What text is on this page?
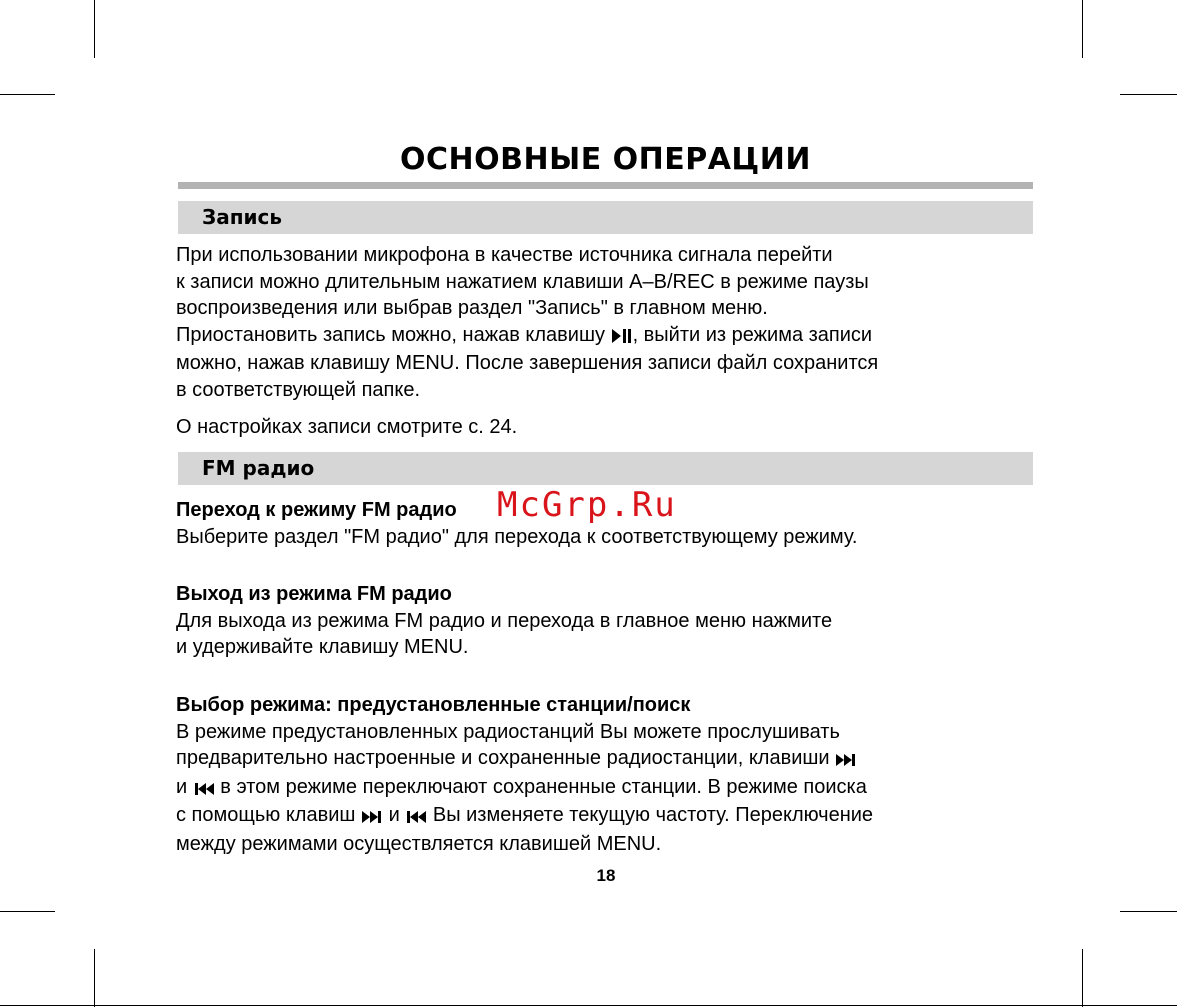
ОСНОВНЫЕ ОПЕРАЦИИ
Запись
При использовании микрофона в качестве источника сигнала перейти
к записи можно длительным нажатием клавиши A–B/REC в режиме паузы
воспроизведения или выбрав раздел "Запись" в главном меню.
Приостановить запись можно, нажав клавишу , выйти из режима записи
можно, нажав клавишу MENU. После завершения записи файл сохранится
в соответствующей папке.
О настройках записи смотрите с. 24.
FM радио
Переход к режиму FM радио
Выберите раздел "FM радио" для перехода к соответствующему режиму.
Выход из режима FM радио
Для выхода из режима FM радио и перехода в главное меню нажмите
и удерживайте клавишу MENU.
Выбор режима: предустановленные станции/поиск
В режиме предустановленных радиостанций Вы можете прослушивать
предварительно настроенные и сохраненные радиостанции, клавиши
и в этом режиме переключают сохраненные станции. В режиме поиска
с помощью клавиш и Вы изменяете текущую частоту. Переключение
между режимами осуществляется клавишей MENU.
18
McGrp.Ru
